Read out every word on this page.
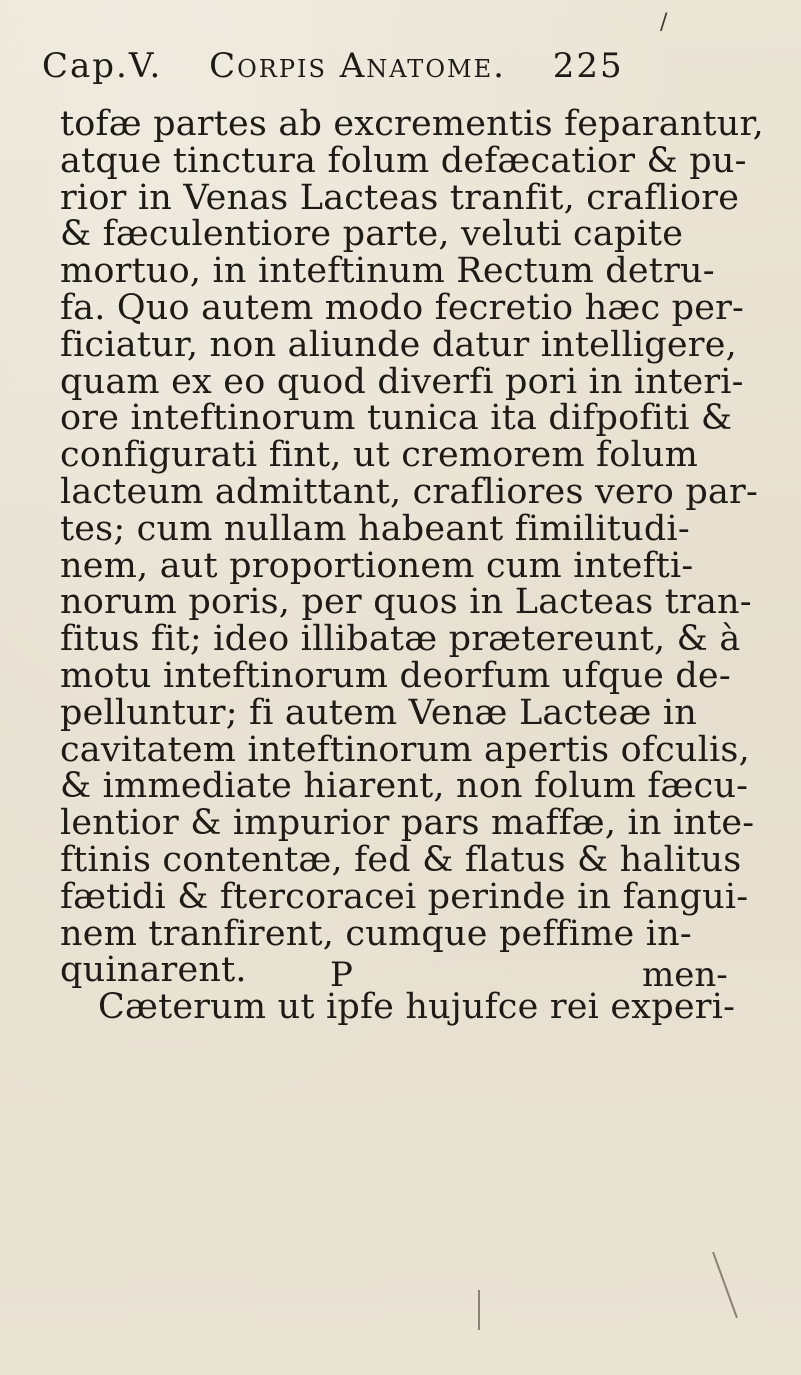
/
Cap.V. Corpis Anatome. 225
tofæ partes ab excrementis feparantur,
atque tinctura folum defæcatior & pu-
rior in Venas Lacteas tranfit, crafliore
& fæculentiore parte, veluti capite
mortuo, in inteftinum Rectum detru-
fa. Quo autem modo fecretio hæc per-
ficiatur, non aliunde datur intelligere,
quam ex eo quod diverfi pori in interi-
ore inteftinorum tunica ita difpofiti &
configurati fint, ut cremorem folum
lacteum admittant, crafliores vero par-
tes; cum nullam habeant fimilitudi-
nem, aut proportionem cum intefti-
norum poris, per quos in Lacteas tran-
fitus fit; ideo illibatæ prætereunt, & à
motu inteftinorum deorfum ufque de-
pelluntur; fi autem Venæ Lacteæ in
cavitatem inteftinorum apertis ofculis,
& immediate hiarent, non folum fæcu-
lentior & impurior pars maffæ, in inte-
ftinis contentæ, fed & flatus & halitus
fætidi & ftercoracei perinde in fangui-
nem tranfirent, cumque peffime in-
quinarent.
Cæterum ut ipfe hujufce rei experi-
P	men-
